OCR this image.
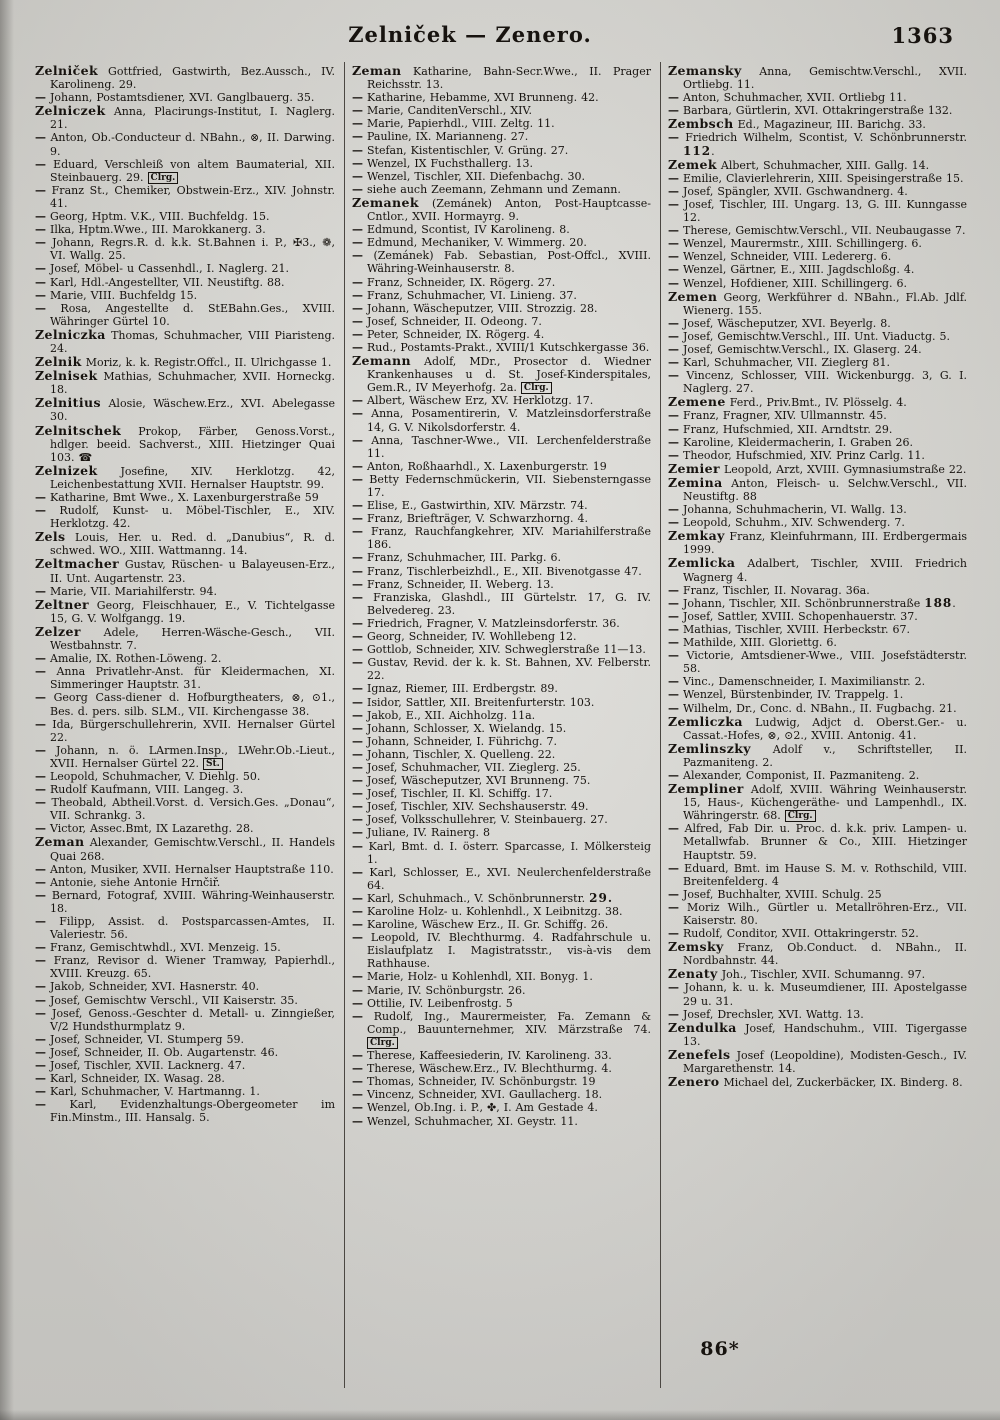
Zelniček — Zenero.	1363

Zelniček Gottfried, Gastwirth, Bez.Aussch., IV. Karolineng. 29.

— Johann, Postamtsdiener, XVI. Ganglbauerg. 35.

Zelniczek Anna, Placirungs-Institut, I. Naglerg. 21.

— Anton, Ob.-Conducteur d. NBahn., ⊗, II. Darwing. 9.

— Eduard, Verschleiß von altem Baumaterial, XII. Steinbauerg. 29. Clrg.

— Franz St., Chemiker, Obstwein-Erz., XIV. Johnstr. 41.

— Georg, Hptm. V.K., VIII. Buchfeldg. 15.

— Ilka, Hptm.Wwe., III. Marokkanerg. 3.

— Johann, Regrs.R. d. k.k. St.Bahnen i. P., ✠3., ❁, VI. Wallg. 25.

— Josef, Möbel- u Cassenhdl., I. Naglerg. 21.

— Karl, Hdl.-Angestellter, VII. Neustiftg. 88.

— Marie, VIII. Buchfeldg 15.

— Rosa, Angestellte d. StEBahn.Ges., XVIII. Währinger Gürtel 10.

Zelniczka Thomas, Schuhmacher, VIII Piaristeng. 24.

Zelnik Moriz, k. k. Registr.Offcl., II. Ulrichgasse 1.

Zelnisek Mathias, Schuhmacher, XVII. Horneckg. 18.

Zelnitius Alosie, Wäschew.Erz., XVI. Abelegasse 30.

Zelnitschek Prokop, Färber, Genoss.Vorst., hdlger. beeid. Sachverst., XIII. Hietzinger Quai 103. ☎

Zelnizek Josefine, XIV. Herklotzg. 42, Leichenbestattung XVII. Hernalser Hauptstr. 99.

— Katharine, Bmt Wwe., X. Laxenburgerstraße 59

— Rudolf, Kunst- u. Möbel-Tischler, E., XIV. Herklotzg. 42.

Zels Louis, Her. u. Red. d. „Danubius“, R. d. schwed. WO., XIII. Wattmanng. 14.

Zeltmacher Gustav, Rüschen- u Balayeusen-Erz., II. Unt. Augartenstr. 23.

— Marie, VII. Mariahilferstr. 94.

Zeltner Georg, Fleischhauer, E., V. Tichtelgasse 15, G. V. Wolfgangg. 19.

Zelzer Adele, Herren-Wäsche-Gesch., VII. Westbahnstr. 7.

— Amalie, IX. Rothen-Löweng. 2.

— Anna Privatlehr-Anst. für Kleidermachen, XI. Simmeringer Hauptstr. 31.

— Georg Cass-diener d. Hofburgtheaters, ⊗, ⊙1., Bes. d. pers. silb. SLM., VII. Kirchengasse 38.

— Ida, Bürgerschullehrerin, XVII. Hernalser Gürtel 22.

— Johann, n. ö. LArmen.Insp., LWehr.Ob.-Lieut., XVII. Hernalser Gürtel 22. St.

— Leopold, Schuhmacher, V. Diehlg. 50.

— Rudolf Kaufmann, VIII. Langeg. 3.

— Theobald, Abtheil.Vorst. d. Versich.Ges. „Donau“, VII. Schrankg. 3.

— Victor, Assec.Bmt, IX Lazarethg. 28.

Zeman Alexander, Gemischtw.Verschl., II. Handels Quai 268.

— Anton, Musiker, XVII. Hernalser Hauptstraße 110.

— Antonie, siehe Antonie Hrnčiř.

— Bernard, Fotograf, XVIII. Währing-Weinhauserstr. 18.

— Filipp, Assist. d. Postsparcassen-Amtes, II. Valeriestr. 56.

— Franz, Gemischtwhdl., XVI. Menzeig. 15.

— Franz, Revisor d. Wiener Tramway, Papierhdl., XVIII. Kreuzg. 65.

— Jakob, Schneider, XVI. Hasnerstr. 40.

— Josef, Gemischtw Verschl., VII Kaiserstr. 35.

— Josef, Genoss.-Geschter d. Metall- u. Zinngießer, V/2 Hundsthurmplatz 9.

— Josef, Schneider, VI. Stumperg 59.

— Josef, Schneider, II. Ob. Augartenstr. 46.

— Josef, Tischler, XVII. Lacknerg. 47.

— Karl, Schneider, IX. Wasag. 28.

— Karl, Schuhmacher, V. Hartmanng. 1.

— Karl, Evidenzhaltungs-Obergeometer im Fin.Minstm., III. Hansalg. 5.

Zeman Katharine, Bahn-Secr.Wwe., II. Prager Reichsstr. 13.

— Katharine, Hebamme, XVI Brunneng. 42.

— Marie, CanditenVerschl., XIV.

— Marie, Papierhdl., VIII. Zeltg. 11.

— Pauline, IX. Marianneng. 27.

— Stefan, Kistentischler, V. Grüng. 27.

— Wenzel, IX Fuchsthallerg. 13.

— Wenzel, Tischler, XII. Diefenbachg. 30.

— siehe auch Zeemann, Zehmann und Zemann.

Zemanek (Zemánek) Anton, Post-Hauptcasse-Cntlor., XVII. Hormayrg. 9.

— Edmund, Scontist, IV Karolineng. 8.

— Edmund, Mechaniker, V. Wimmerg. 20.

— (Zemánek) Fab. Sebastian, Post-Offcl., XVIII. Währing-Weinhauserstr. 8.

— Franz, Schneider, IX. Rögerg. 27.

— Franz, Schuhmacher, VI. Linieng. 37.

— Johann, Wäscheputzer, VIII. Strozzig. 28.

— Josef, Schneider, II. Odeong. 7.

— Peter, Schneider, IX. Rögerg. 4.

— Rud., Postamts-Prakt., XVIII/1 Kutschkergasse 36.

Zemann Adolf, MDr., Prosector d. Wiedner Krankenhauses u d. St. Josef-Kinderspitales, Gem.R., IV Meyerhofg. 2a. Clrg.

— Albert, Wäschew Erz, XV. Herklotzg. 17.

— Anna, Posamentirerin, V. Matzleinsdorferstraße 14, G. V. Nikolsdorferstr. 4.

— Anna, Taschner-Wwe., VII. Lerchenfelderstraße 11.

— Anton, Roßhaarhdl., X. Laxenburgerstr. 19

— Betty Federnschmückerin, VII. Siebensterngasse 17.

— Elise, E., Gastwirthin, XIV. Märzstr. 74.

— Franz, Briefträger, V. Schwarzhorng. 4.

— Franz, Rauchfangkehrer, XIV. Mariahilferstraße 186.

— Franz, Schuhmacher, III. Parkg. 6.

— Franz, Tischlerbeizhdl., E., XII. Bivenotgasse 47.

— Franz, Schneider, II. Weberg. 13.

— Franziska, Glashdl., III Gürtelstr. 17, G. IV. Belvedereg. 23.

— Friedrich, Fragner, V. Matzleinsdorferstr. 36.

— Georg, Schneider, IV. Wohllebeng 12.

— Gottlob, Schneider, XIV. Schweglerstraße 11—13.

— Gustav, Revid. der k. k. St. Bahnen, XV. Felberstr. 22.

— Ignaz, Riemer, III. Erdbergstr. 89.

— Isidor, Sattler, XII. Breitenfurterstr. 103.

— Jakob, E., XII. Aichholzg. 11a.

— Johann, Schlosser, X. Wielandg. 15.

— Johann, Schneider, I. Führichg. 7.

— Johann, Tischler, X. Quelleng. 22.

— Josef, Schuhmacher, VII. Zieglerg. 25.

— Josef, Wäscheputzer, XVI Brunneng. 75.

— Josef, Tischler, II. Kl. Schiffg. 17.

— Josef, Tischler, XIV. Sechshauserstr. 49.

— Josef, Volksschullehrer, V. Steinbauerg. 27.

— Juliane, IV. Rainerg. 8

— Karl, Bmt. d. I. österr. Sparcasse, I. Mölkersteig 1.

— Karl, Schlosser, E., XVI. Neulerchenfelderstraße 64.

— Karl, Schuhmach., V. Schönbrunnerstr. 29.

— Karoline Holz- u. Kohlenhdl., X Leibnitzg. 38.

— Karoline, Wäschew Erz., II. Gr. Schiffg. 26.

— Leopold, IV. Blechthurmg. 4. Radfahrschule u. Eislaufplatz I. Magistratsstr., vis-à-vis dem Rathhause.

— Marie, Holz- u Kohlenhdl, XII. Bonyg. 1.

— Marie, IV. Schönburgstr. 26.

— Ottilie, IV. Leibenfrostg. 5

— Rudolf, Ing., Maurermeister, Fa. Zemann & Comp., Bauunternehmer, XIV. Märzstraße 74. Clrg.

— Therese, Kaffeesiederin, IV. Karolineng. 33.

— Therese, Wäschew.Erz., IV. Blechthurmg. 4.

— Thomas, Schneider, IV. Schönburgstr. 19

— Vincenz, Schneider, XVI. Gaullacherg. 18.

— Wenzel, Ob.Ing. i. P., ✤, I. Am Gestade 4.

— Wenzel, Schuhmacher, XI. Geystr. 11.

Zemansky Anna, Gemischtw.Verschl., XVII. Ortliebg. 11.

— Anton, Schuhmacher, XVII. Ortliebg 11.

— Barbara, Gürtlerin, XVI. Ottakringerstraße 132.

Zembsch Ed., Magazineur, III. Barichg. 33.

— Friedrich Wilhelm, Scontist, V. Schönbrunnerstr. 112.

Zemek Albert, Schuhmacher, XIII. Gallg. 14.

— Emilie, Clavierlehrerin, XIII. Speisingerstraße 15.

— Josef, Spängler, XVII. Gschwandnerg. 4.

— Josef, Tischler, III. Ungarg. 13, G. III. Kunngasse 12.

— Therese, Gemischtw.Verschl., VII. Neubaugasse 7.

— Wenzel, Maurermstr., XIII. Schillingerg. 6.

— Wenzel, Schneider, VIII. Ledererg. 6.

— Wenzel, Gärtner, E., XIII. Jagdschloßg. 4.

— Wenzel, Hofdiener, XIII. Schillingerg. 6.

Zemen Georg, Werkführer d. NBahn., Fl.Ab. Jdlf. Wienerg. 155.

— Josef, Wäscheputzer, XVI. Beyerlg. 8.

— Josef, Gemischtw.Verschl., III. Unt. Viaductg. 5.

— Josef, Gemischtw.Verschl., IX. Glaserg. 24.

— Karl, Schuhmacher, VII. Zieglerg 81.

— Vincenz, Schlosser, VIII. Wickenburgg. 3, G. I. Naglerg. 27.

Zemene Ferd., Priv.Bmt., IV. Plösselg. 4.

— Franz, Fragner, XIV. Ullmannstr. 45.

— Franz, Hufschmied, XII. Arndtstr. 29.

— Karoline, Kleidermacherin, I. Graben 26.

— Theodor, Hufschmied, XIV. Prinz Carlg. 11.

Zemier Leopold, Arzt, XVIII. Gymnasiumstraße 22.

Zemina Anton, Fleisch- u. Selchw.Verschl., VII. Neustiftg. 88

— Johanna, Schuhmacherin, VI. Wallg. 13.

— Leopold, Schuhm., XIV. Schwenderg. 7.

Zemkay Franz, Kleinfuhrmann, III. Erdbergermais 1999.

Zemlicka Adalbert, Tischler, XVIII. Friedrich Wagnerg 4.

— Franz, Tischler, II. Novarag. 36a.

— Johann, Tischler, XII. Schönbrunnerstraße 188.

— Josef, Sattler, XVIII. Schopenhauerstr. 37.

— Mathias, Tischler, XVIII. Herbeckstr. 67.

— Mathilde, XIII. Gloriettg. 6.

— Victorie, Amtsdiener-Wwe., VIII. Josefstädterstr. 58.

— Vinc., Damenschneider, I. Maximilianstr. 2.

— Wenzel, Bürstenbinder, IV. Trappelg. 1.

— Wilhelm, Dr., Conc. d. NBahn., II. Fugbachg. 21.

Zemliczka Ludwig, Adjct d. Oberst.Ger.- u. Cassat.-Hofes, ⊗, ⊙2., XVIII. Antonig. 41.

Zemlinszky Adolf v., Schriftsteller, II. Pazmaniteng. 2.

— Alexander, Componist, II. Pazmaniteng. 2.

Zempliner Adolf, XVIII. Währing Weinhauserstr. 15, Haus-, Küchengeräthe- und Lampenhdl., IX. Währingerstr. 68. Clrg.

— Alfred, Fab Dir. u. Proc. d. k.k. priv. Lampen- u. Metallwfab. Brunner & Co., XIII. Hietzinger Hauptstr. 59.

— Eduard, Bmt. im Hause S. M. v. Rothschild, VIII. Breitenfelderg. 4

— Josef, Buchhalter, XVIII. Schulg. 25

— Moriz Wilh., Gürtler u. Metallröhren-Erz., VII. Kaiserstr. 80.

— Rudolf, Conditor, XVII. Ottakringerstr. 52.

Zemsky Franz, Ob.Conduct. d. NBahn., II. Nordbahnstr. 44.

Zenaty Joh., Tischler, XVII. Schumanng. 97.

— Johann, k. u. k. Museumdiener, III. Apostelgasse 29 u. 31.

— Josef, Drechsler, XVI. Wattg. 13.

Zendulka Josef, Handschuhm., VIII. Tigergasse 13.

Zenefels Josef (Leopoldine), Modisten-Gesch., IV. Margarethenstr. 14.

Zenero Michael del, Zuckerbäcker, IX. Binderg. 8.

86*
